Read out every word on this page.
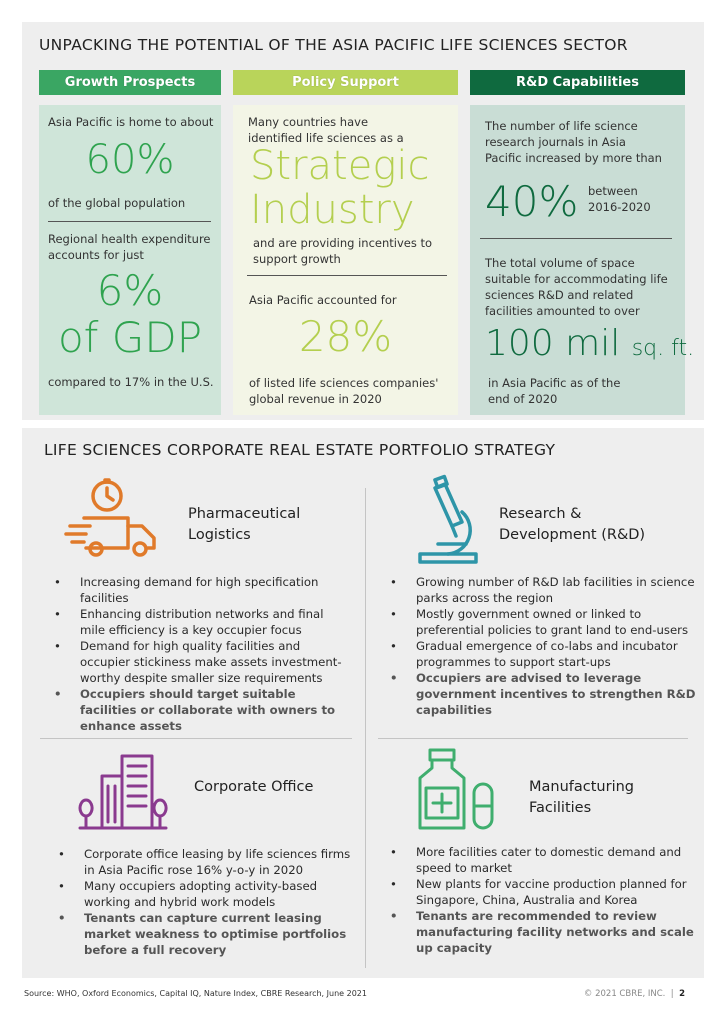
UNPACKING THE POTENTIAL OF THE ASIA PACIFIC LIFE SCIENCES SECTOR
Growth Prospects	Policy Support	R&D Capabilities
Asia Pacific is home to about
60%
of the global population
Regional health expenditure accounts for just
6%
of GDP
compared to 17% in the U.S.
Many countries have identified life sciences as a
Strategic
Industry
and are providing incentives to support growth
Asia Pacific accounted for
28%
of listed life sciences companies' global revenue in 2020
The number of life science research journals in Asia Pacific increased by more than
40% between 2016-2020
The total volume of space suitable for accommodating life sciences R&D and related facilities amounted to over
100 mil sq. ft.
in Asia Pacific as of the end of 2020
LIFE SCIENCES CORPORATE REAL ESTATE PORTFOLIO STRATEGY
Pharmaceutical Logistics
• Increasing demand for high specification facilities
• Enhancing distribution networks and final mile efficiency is a key occupier focus
• Demand for high quality facilities and occupier stickiness make assets investment-worthy despite smaller size requirements
• Occupiers should target suitable facilities or collaborate with owners to enhance assets
Research & Development (R&D)
• Growing number of R&D lab facilities in science parks across the region
• Mostly government owned or linked to preferential policies to grant land to end-users
• Gradual emergence of co-labs and incubator programmes to support start-ups
• Occupiers are advised to leverage government incentives to strengthen R&D capabilities
Corporate Office
• Corporate office leasing by life sciences firms in Asia Pacific rose 16% y-o-y in 2020
• Many occupiers adopting activity-based working and hybrid work models
• Tenants can capture current leasing market weakness to optimise portfolios before a full recovery
Manufacturing Facilities
• More facilities cater to domestic demand and speed to market
• New plants for vaccine production planned for Singapore, China, Australia and Korea
• Tenants are recommended to review manufacturing facility networks and scale up capacity
Source: WHO, Oxford Economics, Capital IQ, Nature Index, CBRE Research, June 2021	© 2021 CBRE, INC. | 2
